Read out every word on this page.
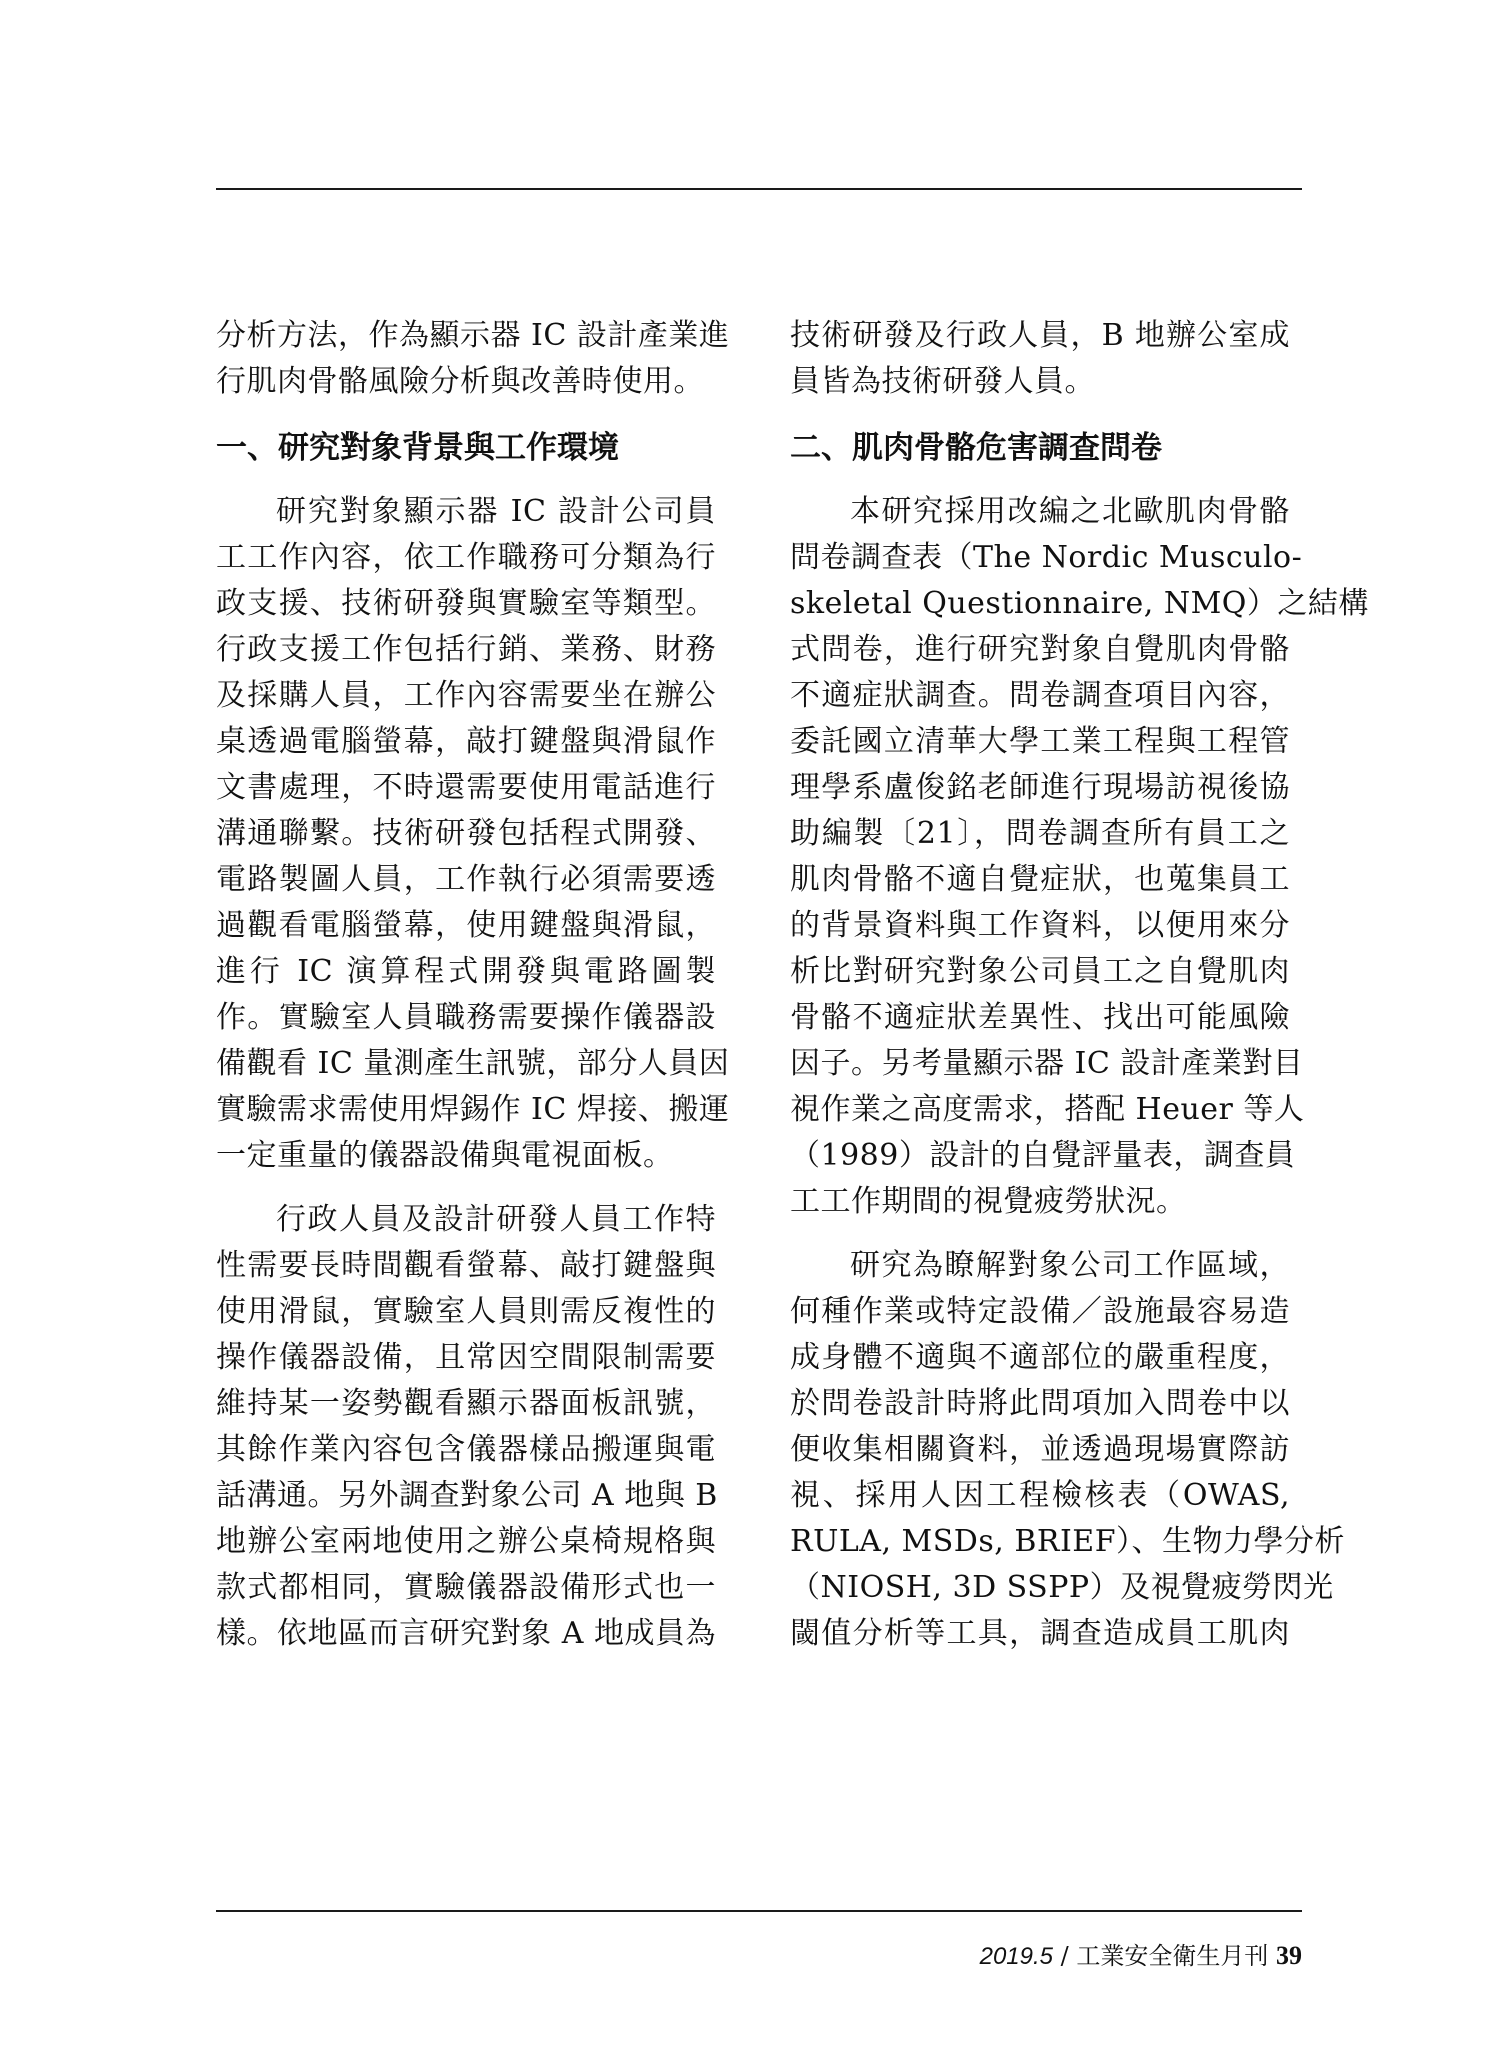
分析方法，作為顯示器 IC 設計產業進
行肌肉骨骼風險分析與改善時使用。
一、研究對象背景與工作環境
研究對象顯示器 IC 設計公司員
工工作內容，依工作職務可分類為行
政支援、技術研發與實驗室等類型。
行政支援工作包括行銷、業務、財務
及採購人員，工作內容需要坐在辦公
桌透過電腦螢幕，敲打鍵盤與滑鼠作
文書處理，不時還需要使用電話進行
溝通聯繫。技術研發包括程式開發、
電路製圖人員，工作執行必須需要透
過觀看電腦螢幕，使用鍵盤與滑鼠，
進行 IC 演算程式開發與電路圖製
作。實驗室人員職務需要操作儀器設
備觀看 IC 量測產生訊號，部分人員因
實驗需求需使用焊錫作 IC 焊接、搬運
一定重量的儀器設備與電視面板。
行政人員及設計研發人員工作特
性需要長時間觀看螢幕、敲打鍵盤與
使用滑鼠，實驗室人員則需反複性的
操作儀器設備，且常因空間限制需要
維持某一姿勢觀看顯示器面板訊號，
其餘作業內容包含儀器樣品搬運與電
話溝通。另外調查對象公司 A 地與 B
地辦公室兩地使用之辦公桌椅規格與
款式都相同，實驗儀器設備形式也一
樣。依地區而言研究對象 A 地成員為
技術研發及行政人員，B 地辦公室成
員皆為技術研發人員。
二、肌肉骨骼危害調查問卷
本研究採用改編之北歐肌肉骨骼
問卷調查表（The Nordic Musculo-
skeletal Questionnaire, NMQ）之結構
式問卷，進行研究對象自覺肌肉骨骼
不適症狀調查。問卷調查項目內容，
委託國立清華大學工業工程與工程管
理學系盧俊銘老師進行現場訪視後協
助編製〔21〕，問卷調查所有員工之
肌肉骨骼不適自覺症狀，也蒐集員工
的背景資料與工作資料，以便用來分
析比對研究對象公司員工之自覺肌肉
骨骼不適症狀差異性、找出可能風險
因子。另考量顯示器 IC 設計產業對目
視作業之高度需求，搭配 Heuer 等人
（1989）設計的自覺評量表，調查員
工工作期間的視覺疲勞狀況。
研究為瞭解對象公司工作區域，
何種作業或特定設備／設施最容易造
成身體不適與不適部位的嚴重程度，
於問卷設計時將此問項加入問卷中以
便收集相關資料，並透過現場實際訪
視、採用人因工程檢核表（OWAS,
RULA, MSDs, BRIEF）、生物力學分析
（NIOSH, 3D SSPP）及視覺疲勞閃光
閾值分析等工具，調查造成員工肌肉
2019.5 / 工業安全衛生月刊 39
